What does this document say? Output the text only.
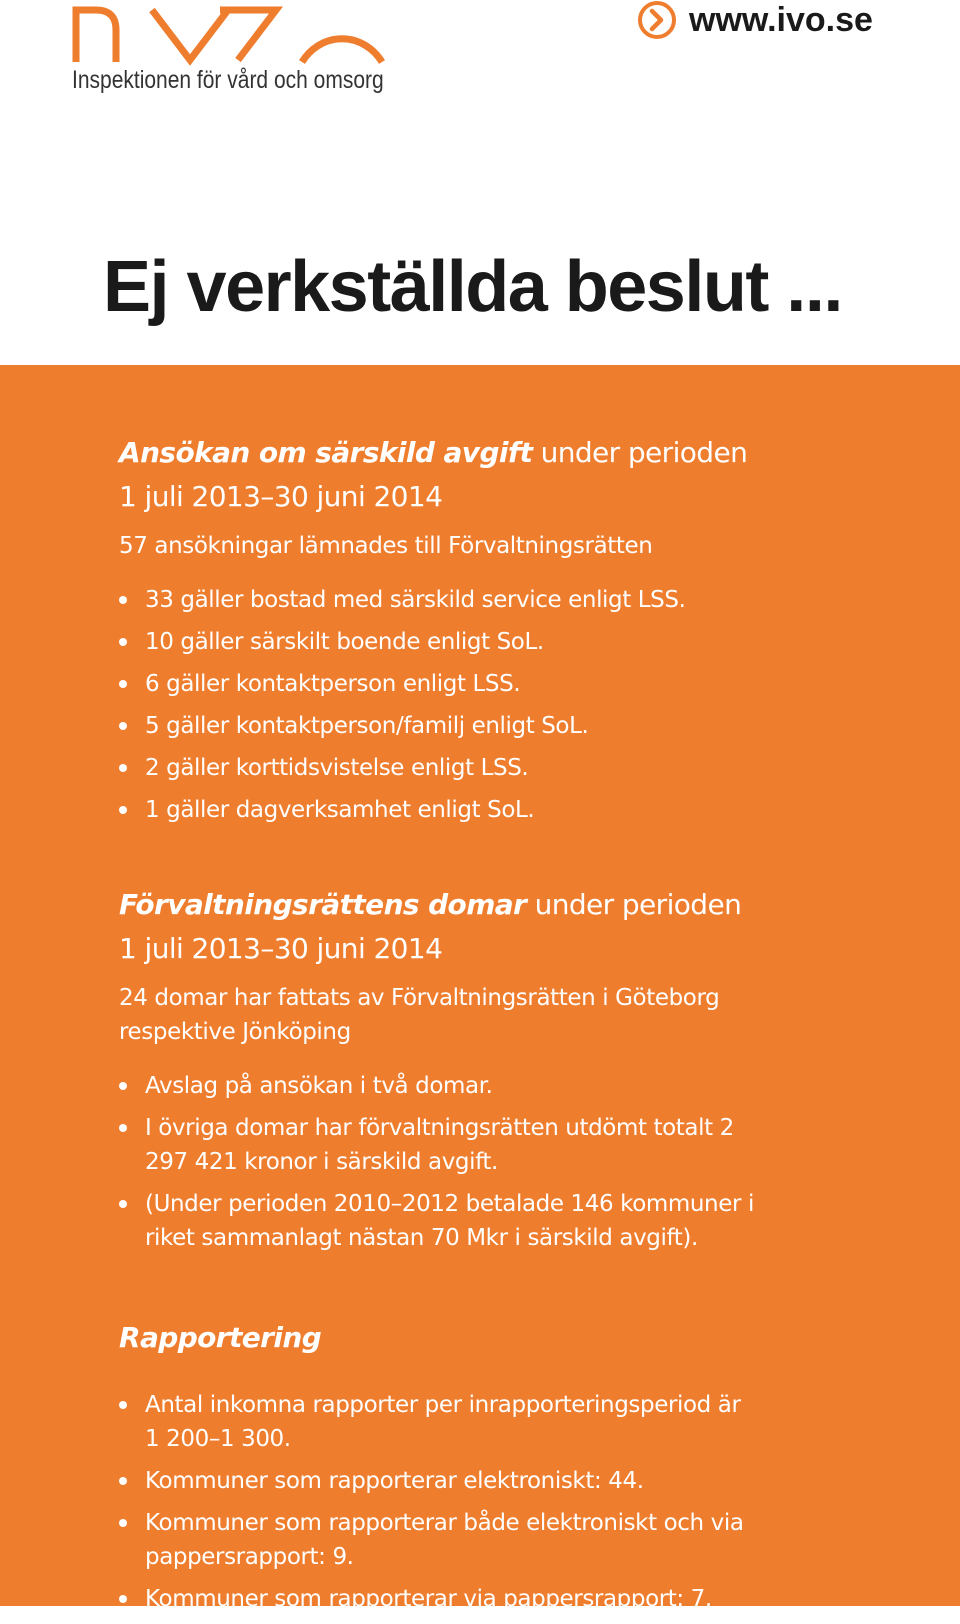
Inspektionen för vård och omsorg
www.ivo.se
Ej verkställda beslut ...
Ansökan om särskild avgift under perioden
1 juli 2013–30 juni 2014

57 ansökningar lämnades till Förvaltningsrätten

33 gäller bostad med särskild service enligt LSS.
10 gäller särskilt boende enligt SoL.
6 gäller kontaktperson enligt LSS.
5 gäller kontaktperson/familj enligt SoL.
2 gäller korttidsvistelse enligt LSS.
1 gäller dagverksamhet enligt SoL.
Förvaltningsrättens domar under perioden
1 juli 2013–30 juni 2014

24 domar har fattats av Förvaltningsrätten i Göteborg
respektive Jönköping

Avslag på ansökan i två domar.
I övriga domar har förvaltningsrätten utdömt totalt 2 297 421 kronor i särskild avgift.
(Under perioden 2010–2012 betalade 146 kommuner i riket sammanlagt nästan 70 Mkr i särskild avgift).
Rapportering
Antal inkomna rapporter per inrapporteringsperiod är 1 200–1 300.
Kommuner som rapporterar elektroniskt: 44.
Kommuner som rapporterar både elektroniskt och via pappersrapport: 9.
Kommuner som rapporterar via pappersrapport: 7.
